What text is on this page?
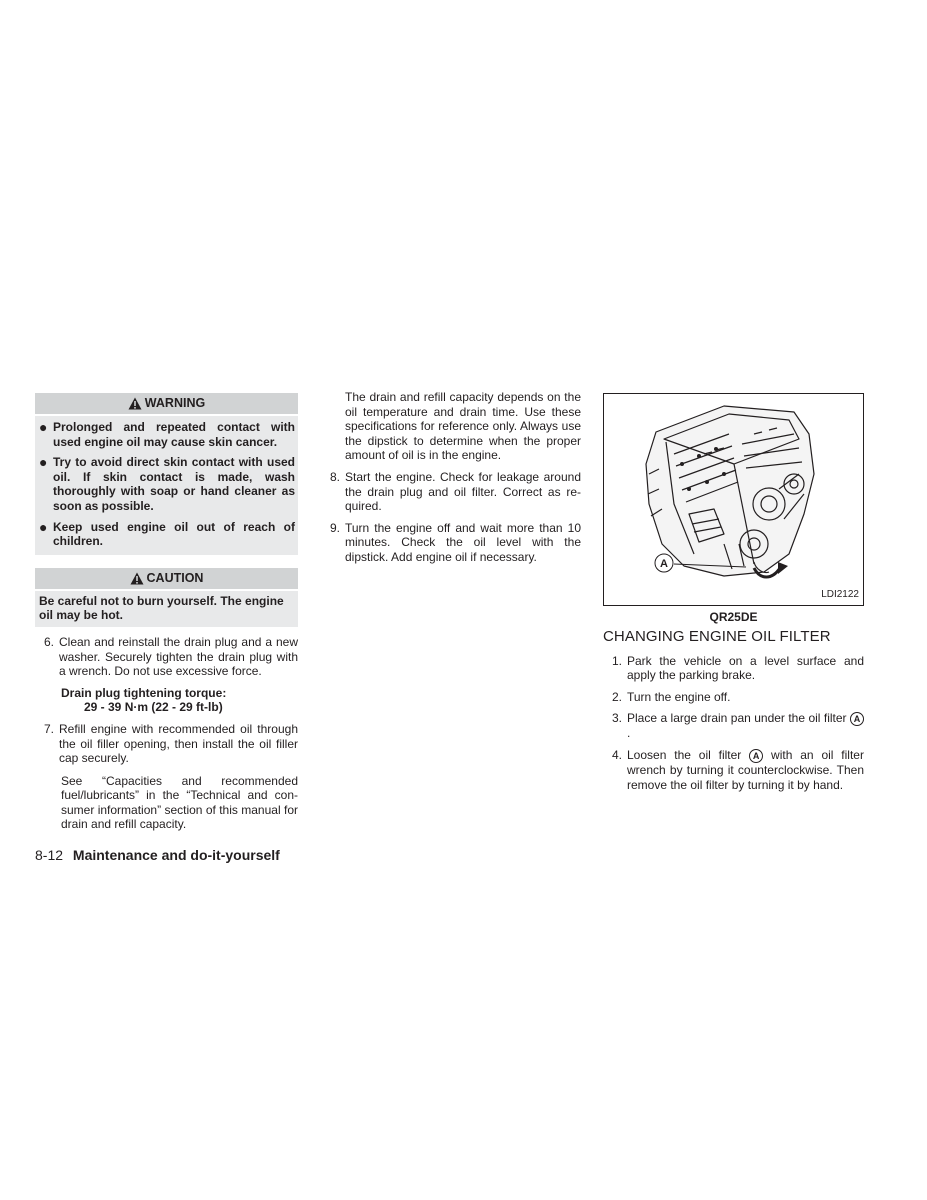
WARNING
● Prolonged and repeated contact with used engine oil may cause skin cancer.
● Try to avoid direct skin contact with used oil. If skin contact is made, wash thoroughly with soap or hand cleaner as soon as possible.
● Keep used engine oil out of reach of children.
CAUTION
Be careful not to burn yourself. The engine oil may be hot.
6. Clean and reinstall the drain plug and a new washer. Securely tighten the drain plug with a wrench. Do not use excessive force.
Drain plug tightening torque:
29 - 39 N·m (22 - 29 ft-lb)
7. Refill engine with recommended oil through the oil filler opening, then install the oil filler cap securely.
See “Capacities and recommended fuel/lubricants” in the “Technical and con-sumer information” section of this manual for drain and refill capacity.
The drain and refill capacity depends on the oil temperature and drain time. Use these specifications for reference only. Always use the dipstick to determine when the proper amount of oil is in the engine.
8. Start the engine. Check for leakage around the drain plug and oil filter. Correct as re-quired.
9. Turn the engine off and wait more than 10 minutes. Check the oil level with the dipstick. Add engine oil if necessary.
A
LDI2122
QR25DE
CHANGING ENGINE OIL FILTER
1. Park the vehicle on a level surface and apply the parking brake.
2. Turn the engine off.
3. Place a large drain pan under the oil filter A.
4. Loosen the oil filter A with an oil filter wrench by turning it counterclockwise. Then remove the oil filter by turning it by hand.
8-12 Maintenance and do-it-yourself
